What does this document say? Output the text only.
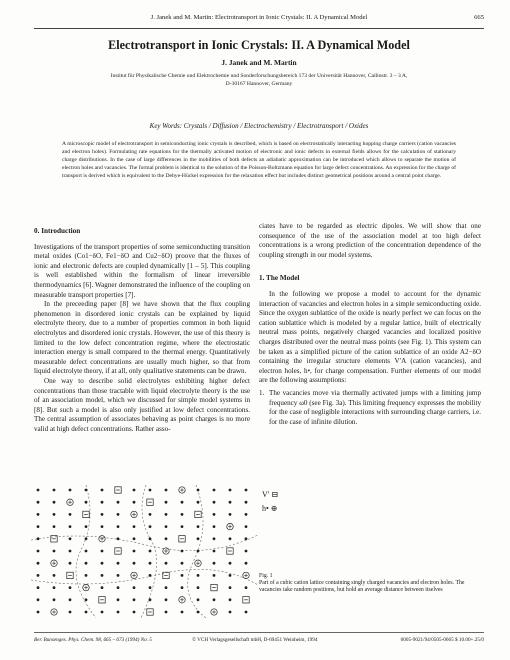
J. Janek and M. Martin: Electrotransport in Ionic Crystals: II. A Dynamical Model	665
Electrotransport in Ionic Crystals: II. A Dynamical Model
J. Janek and M. Martin
Institut für Physikalische Chemie und Elektrochemie und Sonderforschungsbereich 173 der Universität Hannover, Callinstr. 3 – 3 A,
D-30167 Hannover, Germany
Key Words: Crystals / Diffusion / Electrochemistry / Electrotransport / Oxides
A microscopic model of electrotransport in semiconducting ionic crystals is described, which is based on electrostatically interacting hopping charge carriers (cation vacancies and electron holes). Formulating rate equations for the thermally activated motion of electronic and ionic defects in external fields allows for the calculation of stationary charge distributions. In the case of large differences in the mobilities of both defects an adiabatic approximation can be introduced which allows to separate the motion of electron holes and vacancies. The formal problem is identical to the solution of the Poisson-Boltzmann equation for large defect concentrations. An expression for the charge of transport is derived which is equivalent to the Debye-Hückel expression for the relaxation effect but includes distinct geometrical positions around a central point charge.
0. Introduction

Investigations of the transport properties of some semiconducting transition metal oxides (Co1−δO, Fe1−δO and Cu2−δO) proove that the fluxes of ionic and electronic defects are coupled dynamically [1 – 5]. This coupling is well established within the formalism of linear irreversible thermodynamics [6]. Wagner demonstrated the influence of the coupling on measurable transport properties [7].

In the preceeding paper [8] we have shown that the flux coupling phenomenon in disordered ionic crystals can be explained by liquid electrolyte theory, due to a number of properties common in both liquid electrolytes and disordered ionic crystals. However, the use of this theory is limited to the low defect concentration regime, where the electrostatic interaction energy is small compared to the thermal energy. Quantitatively measurable defect concentrations are usually much higher, so that from liquid electrolyte theory, if at all, only qualitative statements can be drawn.

One way to describe solid electrolytes exhibiting higher defect concentrations than those tractable with liquid electrolyte theory is the use of an association model, which we discussed for simple model systems in [8]. But such a model is also only justified at low defect concentrations. The central assumption of associates behaving as point charges is no more valid at high defect concentrations. Rather asso-

ciates have to be regarded as electric dipoles. We will show that one consequence of the use of the association model at too high defect concentrations is a wrong prediction of the concentration dependence of the coupling strength in our model systems.

1. The Model

In the following we propose a model to account for the dynamic interaction of vacancies and electron holes in a simple semiconducting oxide. Since the oxygen sublattice of the oxide is nearly perfect we can focus on the cation sublattice which is modeled by a regular lattice, built of electrically neutral mass points, negatively charged vacancies and localized positive charges distributed over the neutral mass points (see Fig. 1). This system can be taken as a simplified picture of the cation sublattice of an oxide A2−δO containing the irregular structure elements V′A (cation vacancies), and electron holes, h•, for charge compensation. Further elements of our model are the following assumptions:

1. The vacancies move via thermally activated jumps with a limiting jump frequency ω0 (see Fig. 3a). This limiting frequency expresses the mobility for the case of negligible interactions with surrounding charge carriers, i.e. for the case of infinite dilution.
V′ ⊟
h• ⊕
Fig. 1
Part of a cubic cation lattice containing singly charged vacancies and electron holes. The vacancies take random positions, but hold an average distance between itselves
Ber. Bunsenges. Phys. Chem. 98, 665 – 673 (1994) No. 5	© VCH Verlagsgesellschaft mbH, D-69451 Weinheim, 1994	0005-9021/94/0505-0665 $ 10.00+.25/0
